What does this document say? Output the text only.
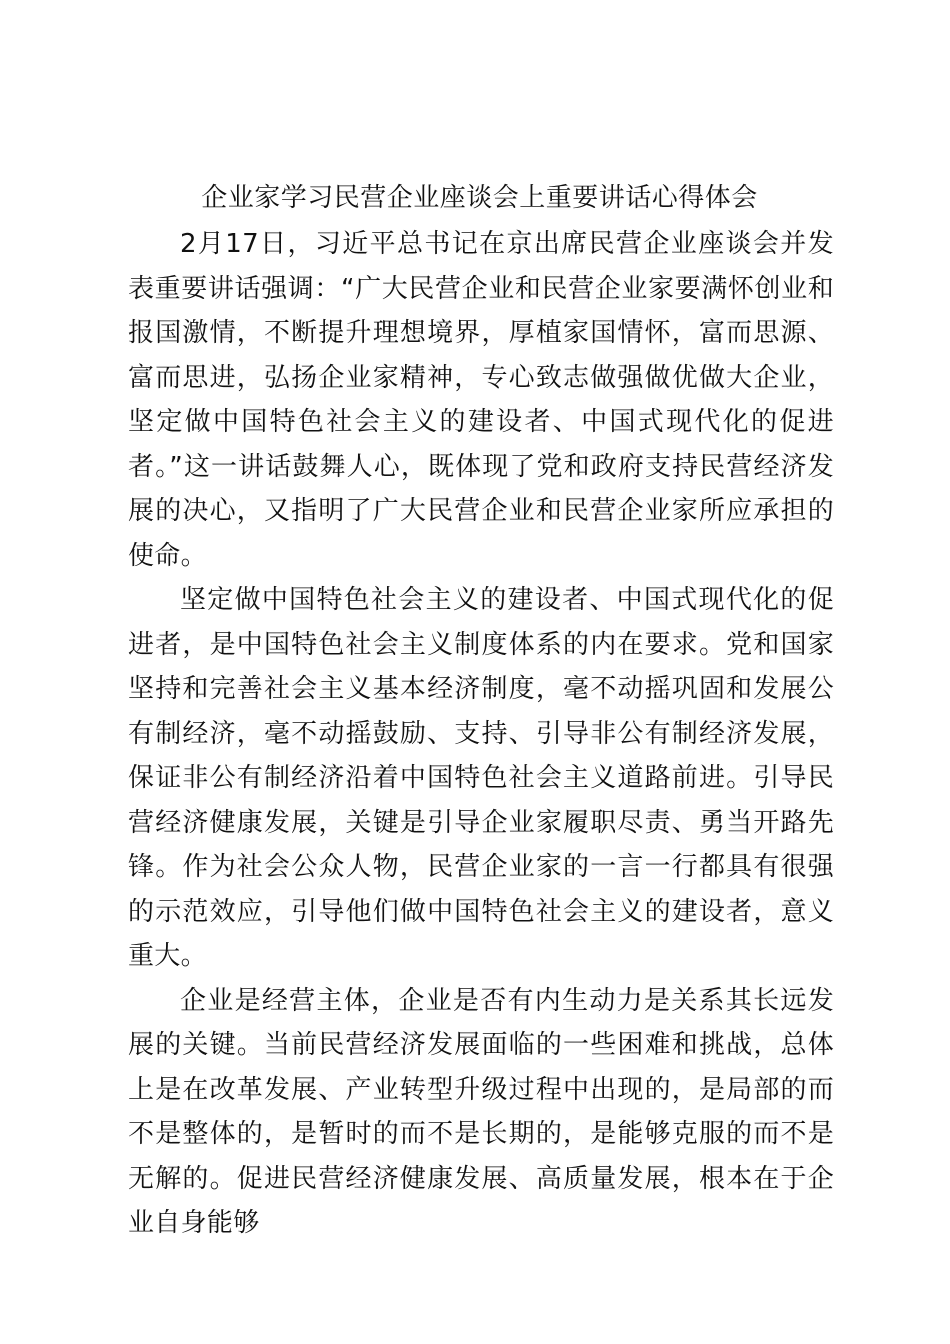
企业家学习民营企业座谈会上重要讲话心得体会

2月17日，习近平总书记在京出席民营企业座谈会并发表重要讲话强调：“广大民营企业和民营企业家要满怀创业和报国激情，不断提升理想境界，厚植家国情怀，富而思源、富而思进，弘扬企业家精神，专心致志做强做优做大企业，坚定做中国特色社会主义的建设者、中国式现代化的促进者。”这一讲话鼓舞人心，既体现了党和政府支持民营经济发展的决心，又指明了广大民营企业和民营企业家所应承担的使命。

坚定做中国特色社会主义的建设者、中国式现代化的促进者，是中国特色社会主义制度体系的内在要求。党和国家坚持和完善社会主义基本经济制度，毫不动摇巩固和发展公有制经济，毫不动摇鼓励、支持、引导非公有制经济发展，保证非公有制经济沿着中国特色社会主义道路前进。引导民营经济健康发展，关键是引导企业家履职尽责、勇当开路先锋。作为社会公众人物，民营企业家的一言一行都具有很强的示范效应，引导他们做中国特色社会主义的建设者，意义重大。

企业是经营主体，企业是否有内生动力是关系其长远发展的关键。当前民营经济发展面临的一些困难和挑战，总体上是在改革发展、产业转型升级过程中出现的，是局部的而不是整体的，是暂时的而不是长期的，是能够克服的而不是无解的。促进民营经济健康发展、高质量发展，根本在于企业自身能够
